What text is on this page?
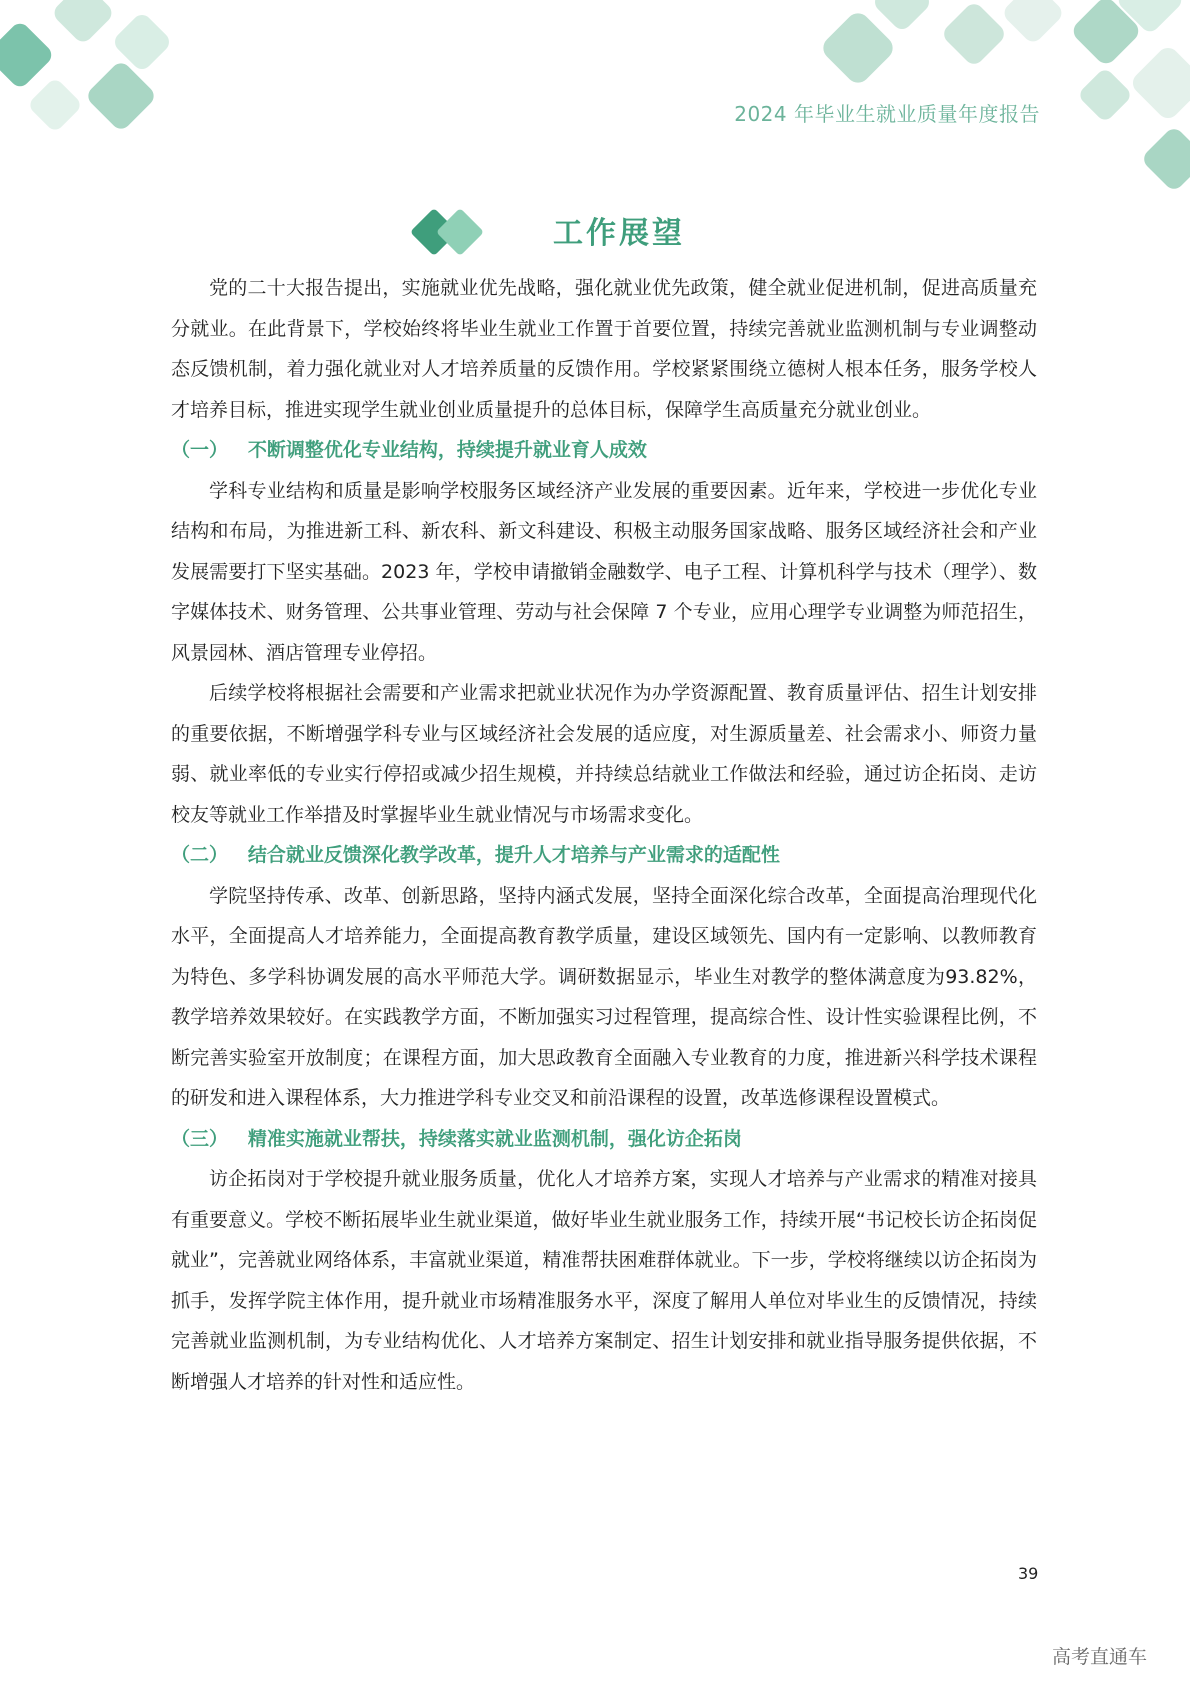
2024 年毕业生就业质量年度报告
工作展望

党的二十大报告提出，实施就业优先战略，强化就业优先政策，健全就业促进机制，促进高质量充分就业。在此背景下，学校始终将毕业生就业工作置于首要位置，持续完善就业监测机制与专业调整动态反馈机制，着力强化就业对人才培养质量的反馈作用。学校紧紧围绕立德树人根本任务，服务学校人才培养目标，推进实现学生就业创业质量提升的总体目标，保障学生高质量充分就业创业。

（一）   不断调整优化专业结构，持续提升就业育人成效

学科专业结构和质量是影响学校服务区域经济产业发展的重要因素。近年来，学校进一步优化专业结构和布局，为推进新工科、新农科、新文科建设、积极主动服务国家战略、服务区域经济社会和产业发展需要打下坚实基础。2023 年，学校申请撤销金融数学、电子工程、计算机科学与技术（理学）、数字媒体技术、财务管理、公共事业管理、劳动与社会保障 7 个专业，应用心理学专业调整为师范招生，风景园林、酒店管理专业停招。

后续学校将根据社会需要和产业需求把就业状况作为办学资源配置、教育质量评估、招生计划安排的重要依据，不断增强学科专业与区域经济社会发展的适应度，对生源质量差、社会需求小、师资力量弱、就业率低的专业实行停招或减少招生规模，并持续总结就业工作做法和经验，通过访企拓岗、走访校友等就业工作举措及时掌握毕业生就业情况与市场需求变化。

（二）   结合就业反馈深化教学改革，提升人才培养与产业需求的适配性

学院坚持传承、改革、创新思路，坚持内涵式发展，坚持全面深化综合改革，全面提高治理现代化水平，全面提高人才培养能力，全面提高教育教学质量，建设区域领先、国内有一定影响、以教师教育为特色、多学科协调发展的高水平师范大学。调研数据显示，毕业生对教学的整体满意度为93.82%，教学培养效果较好。在实践教学方面，不断加强实习过程管理，提高综合性、设计性实验课程比例，不断完善实验室开放制度；在课程方面，加大思政教育全面融入专业教育的力度，推进新兴科学技术课程的研发和进入课程体系，大力推进学科专业交叉和前沿课程的设置，改革选修课程设置模式。

（三）   精准实施就业帮扶，持续落实就业监测机制，强化访企拓岗

访企拓岗对于学校提升就业服务质量，优化人才培养方案，实现人才培养与产业需求的精准对接具有重要意义。学校不断拓展毕业生就业渠道，做好毕业生就业服务工作，持续开展“书记校长访企拓岗促就业”，完善就业网络体系，丰富就业渠道，精准帮扶困难群体就业。下一步，学校将继续以访企拓岗为抓手，发挥学院主体作用，提升就业市场精准服务水平，深度了解用人单位对毕业生的反馈情况，持续完善就业监测机制，为专业结构优化、人才培养方案制定、招生计划安排和就业指导服务提供依据，不断增强人才培养的针对性和适应性。

39
高考直通车
